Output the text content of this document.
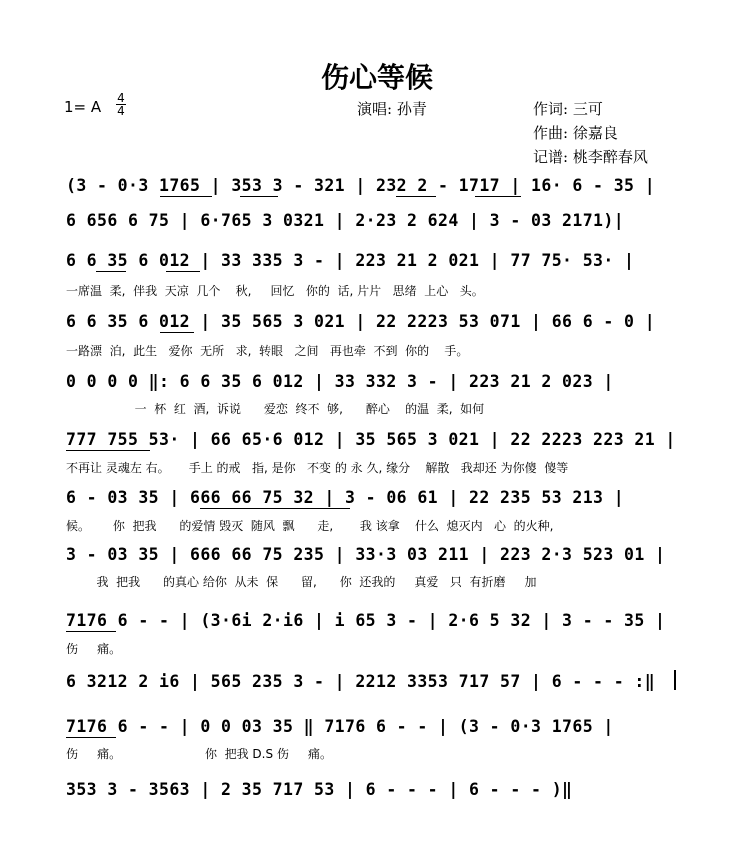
伤心等候
1= A 4
4	演唱: 孙青	作词: 三可
作曲: 徐嘉良
记谱: 桃李醉春风
(3 - 0·3 1765 | 353 3 - 321 | 232 2 - 1717 | 16· 6 - 35 |
6 656 6 75 | 6·765 3 0321 | 2·23 2 624 | 3 - 03 2171)|
6 6 35 6 012 | 33 335 3 - | 223 21 2 021 | 77 75· 53· |
一席温  柔,  伴我  天凉  几个    秋,     回忆   你的  话, 片片   思绪  上心   头。
6 6 35 6 012 | 35 565 3 021 | 22 2223 53 071 | 66 6 - 0 |
一路漂  泊,  此生   爱你  无所   求,  转眼   之间   再也牵  不到  你的    手。
0 0 0 0 ‖: 6 6 35 6 012 | 33 332 3 - | 223 21 2 023 |
一  杯  红  酒,  诉说      爱恋  终不  够,      醉心    的温  柔,  如何
777 755 53· | 66 65·6 012 | 35 565 3 021 | 22 2223 223 21 |
不再让 灵魂左 右。     手上 的戒   指, 是你   不变 的 永 久, 缘分    解散   我却还 为你傻  傻等
6 - 03 35 | 666 66 75 32 | 3 - 06 61 | 22 235 53 213 |
候。      你  把我      的爱情 毁灭  随风  飘      走,       我 该拿    什么  熄灭内   心  的火种,
3 - 03 35 | 666 66 75 235 | 33·3 03 211 | 223 2·3 523 01 |
我  把我      的真心 给你  从未  保      留,      你  还我的     真爱   只  有折磨     加
7176 6 - - | (3·6i 2·i6 | i 65 3 - | 2·6 5 32 | 3 - - 35 |
伤     痛。
6 3212 2 i6 | 565 235 3 - | 2212 3353 717 57 | 6 - - - :‖
7176 6 - - | 0 0 03 35 ‖ 7176 6 - - | (3 - 0·3 1765 |
伤     痛。                      你  把我 D.S 伤     痛。
353 3 - 3563 | 2 35 717 53 | 6 - - - | 6 - - - )‖
